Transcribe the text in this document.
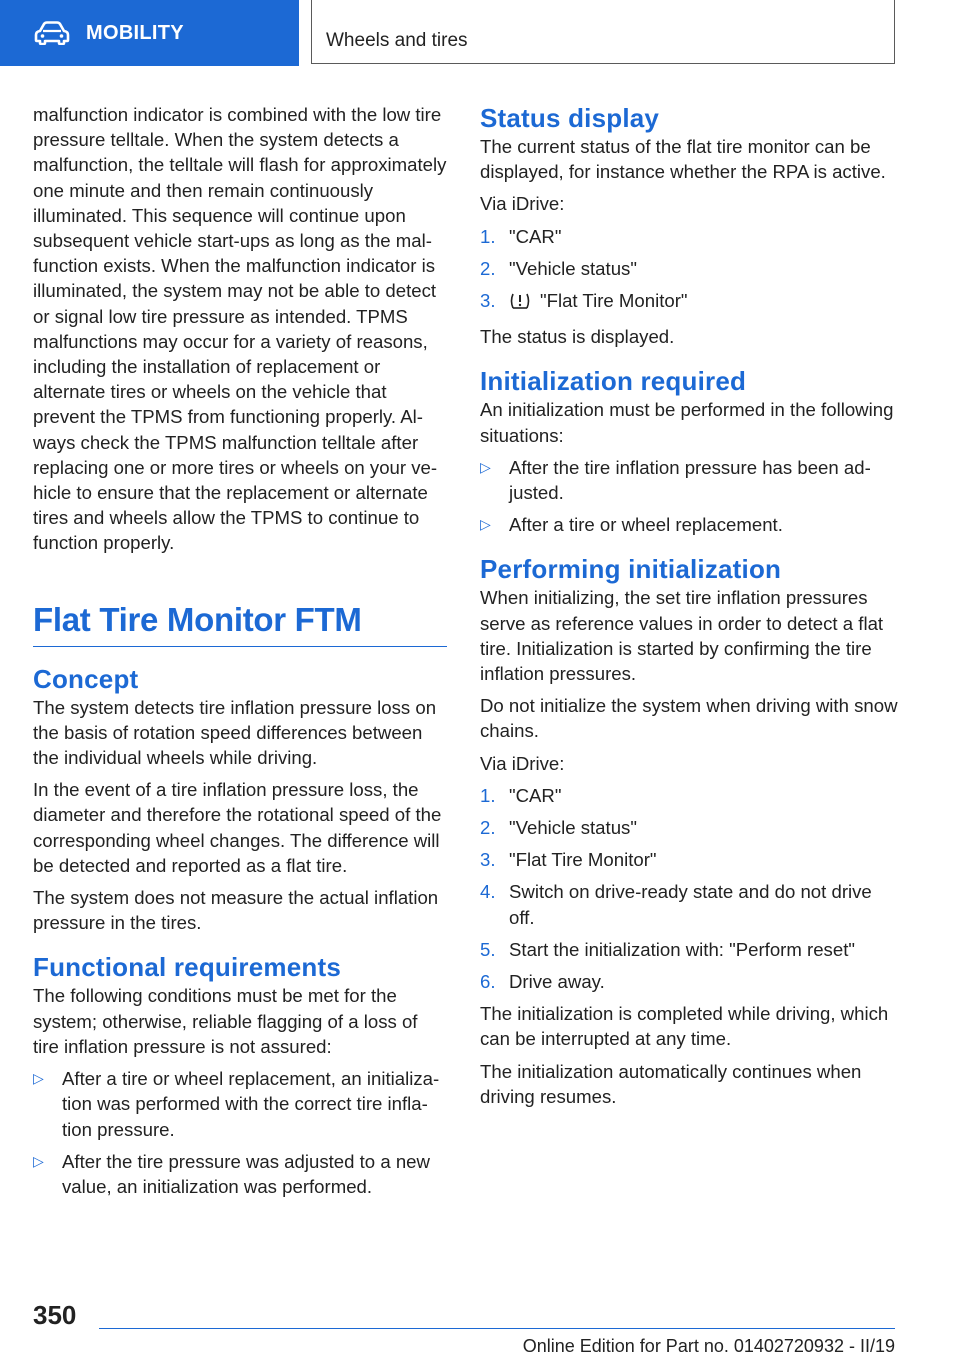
MOBILITY	Wheels and tires

malfunction indicator is combined with the low tire pressure telltale. When the system detects a malfunction, the telltale will flash for approximately one minute and then remain continuously illuminated. This sequence will continue upon subsequent vehicle start-ups as long as the malfunction exists. When the malfunction indicator is illuminated, the system may not be able to detect or signal low tire pressure as intended. TPMS malfunctions may occur for a variety of reasons, including the installation of replacement or alternate tires or wheels on the vehicle that prevent the TPMS from functioning properly. Always check the TPMS malfunction telltale after replacing one or more tires or wheels on your vehicle to ensure that the replacement or alternate tires and wheels allow the TPMS to continue to function properly.

Flat Tire Monitor FTM
Concept

The system detects tire inflation pressure loss on the basis of rotation speed differences between the individual wheels while driving.

In the event of a tire inflation pressure loss, the diameter and therefore the rotational speed of the corresponding wheel changes. The difference will be detected and reported as a flat tire.

The system does not measure the actual inflation pressure in the tires.

Functional requirements

The following conditions must be met for the system; otherwise, reliable flagging of a loss of tire inflation pressure is not assured:

▷ After a tire or wheel replacement, an initialization was performed with the correct tire inflation pressure.
▷ After the tire pressure was adjusted to a new value, an initialization was performed.
Status display

The current status of the flat tire monitor can be displayed, for instance whether the RPA is active.

Via iDrive:

1. "CAR"
2. "Vehicle status"
3. "Flat Tire Monitor"

The status is displayed.

Initialization required

An initialization must be performed in the following situations:

▷ After the tire inflation pressure has been adjusted.
▷ After a tire or wheel replacement.
Performing initialization

When initializing, the set tire inflation pressures serve as reference values in order to detect a flat tire. Initialization is started by confirming the tire inflation pressures.

Do not initialize the system when driving with snow chains.

Via iDrive:

1. "CAR"
2. "Vehicle status"
3. "Flat Tire Monitor"
4. Switch on drive-ready state and do not drive off.
5. Start the initialization with: "Perform reset"
6. Drive away.

The initialization is completed while driving, which can be interrupted at any time.

The initialization automatically continues when driving resumes.

350
Online Edition for Part no. 01402720932 - II/19
